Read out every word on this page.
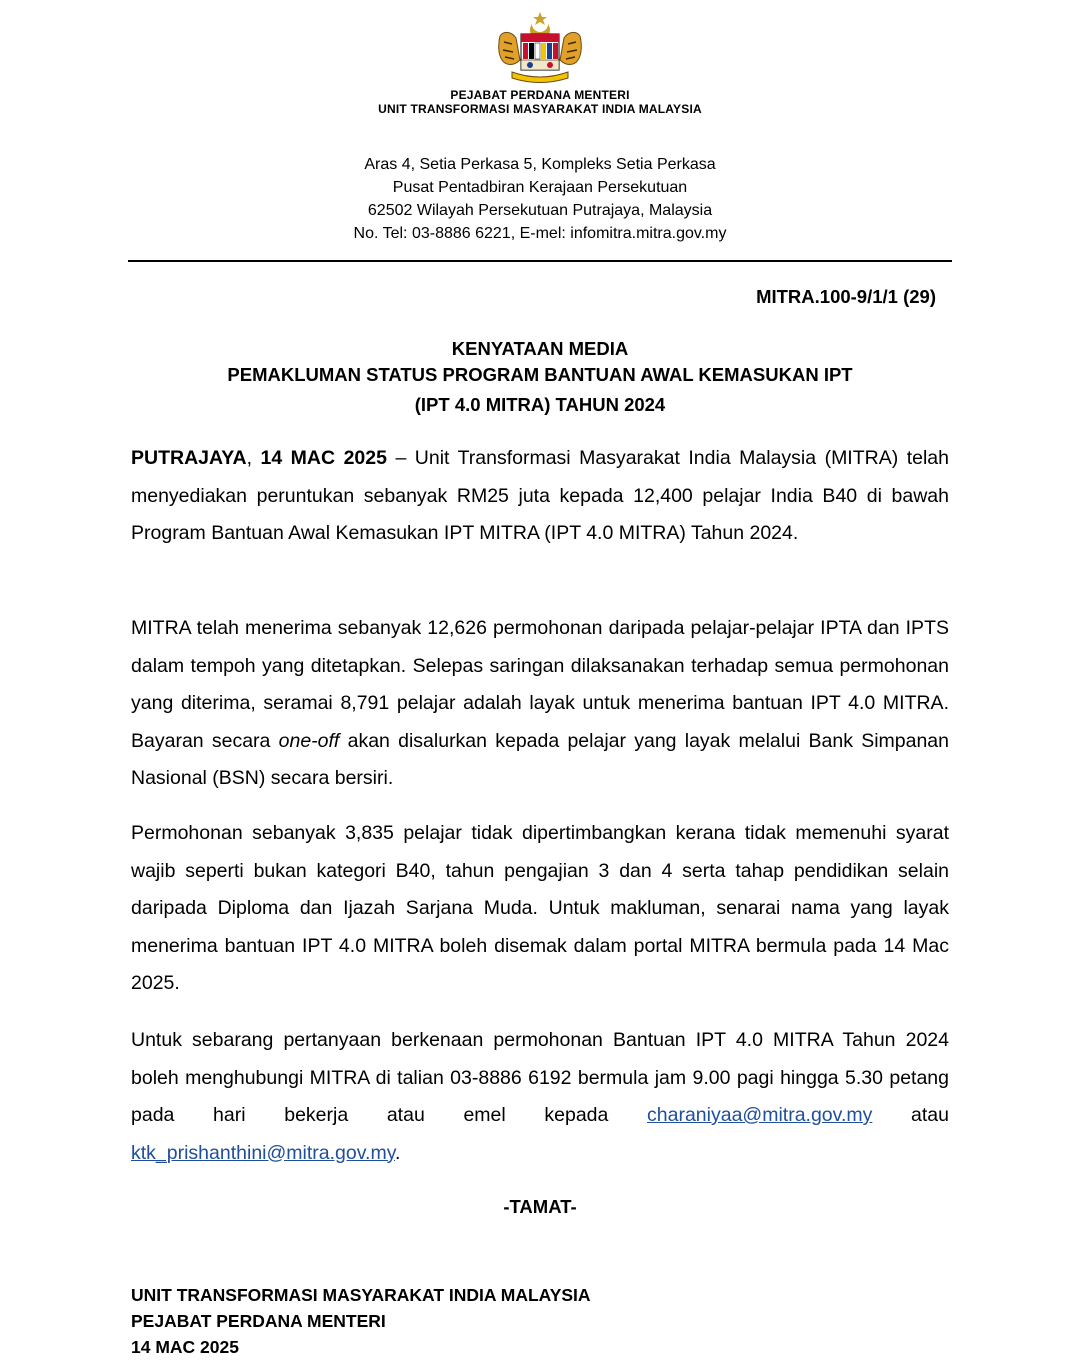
PEJABAT PERDANA MENTERI
UNIT TRANSFORMASI MASYARAKAT INDIA MALAYSIA
Aras 4, Setia Perkasa 5, Kompleks Setia Perkasa
Pusat Pentadbiran Kerajaan Persekutuan
62502 Wilayah Persekutuan Putrajaya, Malaysia
No. Tel: 03-8886 6221, E-mel: infomitra.mitra.gov.my
MITRA.100-9/1/1 (29)
KENYATAAN MEDIA
PEMAKLUMAN STATUS PROGRAM BANTUAN AWAL KEMASUKAN IPT
(IPT 4.0 MITRA) TAHUN 2024
PUTRAJAYA, 14 MAC 2025 – Unit Transformasi Masyarakat India Malaysia (MITRA) telah menyediakan peruntukan sebanyak RM25 juta kepada 12,400 pelajar India B40 di bawah Program Bantuan Awal Kemasukan IPT MITRA (IPT 4.0 MITRA) Tahun 2024.
MITRA telah menerima sebanyak 12,626 permohonan daripada pelajar-pelajar IPTA dan IPTS dalam tempoh yang ditetapkan. Selepas saringan dilaksanakan terhadap semua permohonan yang diterima, seramai 8,791 pelajar adalah layak untuk menerima bantuan IPT 4.0 MITRA. Bayaran secara one-off akan disalurkan kepada pelajar yang layak melalui Bank Simpanan Nasional (BSN) secara bersiri.
Permohonan sebanyak 3,835 pelajar tidak dipertimbangkan kerana tidak memenuhi syarat wajib seperti bukan kategori B40, tahun pengajian 3 dan 4 serta tahap pendidikan selain daripada Diploma dan Ijazah Sarjana Muda. Untuk makluman, senarai nama yang layak menerima bantuan IPT 4.0 MITRA boleh disemak dalam portal MITRA bermula pada 14 Mac 2025.
Untuk sebarang pertanyaan berkenaan permohonan Bantuan IPT 4.0 MITRA Tahun 2024 boleh menghubungi MITRA di talian 03-8886 6192 bermula jam 9.00 pagi hingga 5.30 petang pada hari bekerja atau emel kepada charaniyaa@mitra.gov.my atau ktk_prishanthini@mitra.gov.my.
-TAMAT-
UNIT TRANSFORMASI MASYARAKAT INDIA MALAYSIA
PEJABAT PERDANA MENTERI
14 MAC 2025
